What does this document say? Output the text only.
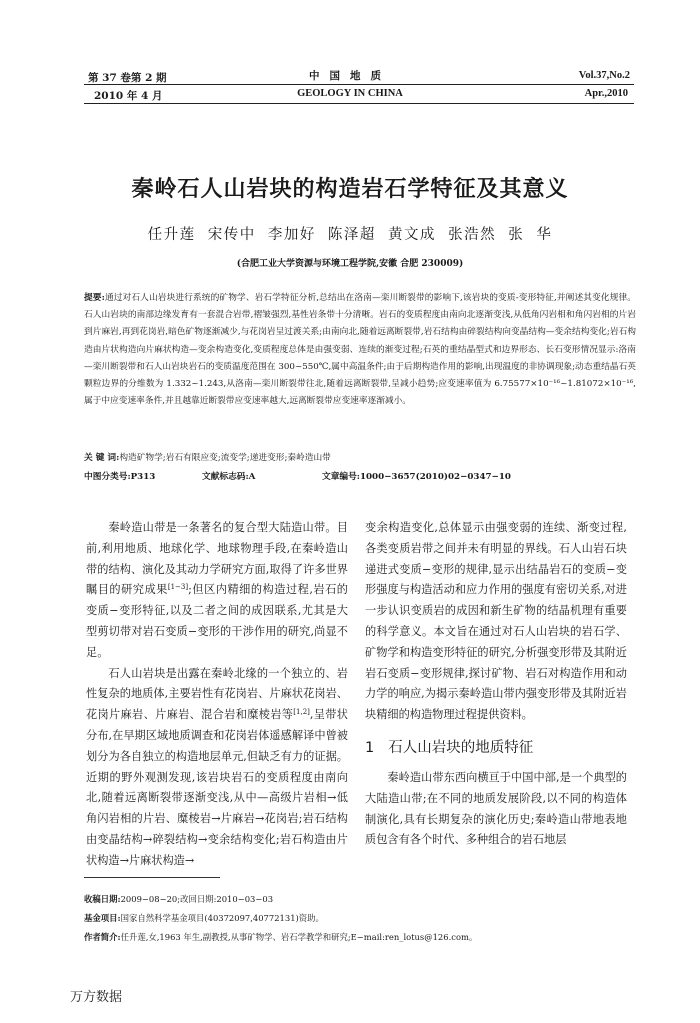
第 37 卷第 2 期
2010 年 4 月
中国地质
GEOLOGY IN CHINA
Vol.37,No.2
Apr.,2010
秦岭石人山岩块的构造岩石学特征及其意义
任升莲 宋传中 李加好 陈泽超 黄文成 张浩然 张 华
(合肥工业大学资源与环境工程学院,安徽 合肥 230009)
提要:通过对石人山岩块进行系统的矿物学、岩石学特征分析,总结出在洛南—栾川断裂带的影响下,该岩块的变质-变形特征,并阐述其变化规律。石人山岩块的南部边缘发育有一套混合岩带,褶皱强烈,基性岩条带十分清晰。岩石的变质程度由南向北逐渐变浅,从低角闪岩相和角闪岩相的片岩到片麻岩,再到花岗岩,暗色矿物逐渐减少,与花岗岩呈过渡关系;由南向北,随着远离断裂带,岩石结构由碎裂结构向变晶结构—变余结构变化;岩石构造由片状构造向片麻状构造—变余构造变化,变质程度总体是由强变弱、连续的渐变过程;石英的重结晶型式和边界形态、长石变形情况显示:洛南—栾川断裂带和石人山岩块岩石的变质温度范围在 300~550℃,属中高温条件;由于后期构造作用的影响,出现温度的非协调现象;动态重结晶石英颗粒边界的分维数为 1.332~1.243,从洛南—栾川断裂带往北,随着远离断裂带,呈减小趋势;应变速率值为 6.75577×10⁻¹⁶~1.81072×10⁻¹⁶,属于中应变速率条件,并且越靠近断裂带应变速率越大,远离断裂带应变速率逐渐减小。
关 键 词:构造矿物学;岩石有限应变;流变学;递进变形;秦岭造山带
中图分类号:P313	文献标志码:A	文章编号:1000−3657(2010)02−0347−10

秦岭造山带是一条著名的复合型大陆造山带。目前,利用地质、地球化学、地球物理手段,在秦岭造山带的结构、演化及其动力学研究方面,取得了许多世界瞩目的研究成果[1−3];但区内精细的构造过程,岩石的变质−变形特征,以及二者之间的成因联系,尤其是大型剪切带对岩石变质−变形的干涉作用的研究,尚显不足。

石人山岩块是出露在秦岭北缘的一个独立的、岩性复杂的地质体,主要岩性有花岗岩、片麻状花岗岩、花岗片麻岩、片麻岩、混合岩和糜棱岩等[1,2],呈带状分布,在早期区域地质调查和花岗岩体遥感解译中曾被划分为各自独立的构造地层单元,但缺乏有力的证据。近期的野外观测发现,该岩块岩石的变质程度由南向北,随着远离断裂带逐渐变浅,从中—高级片岩相→低角闪岩相的片岩、糜棱岩→片麻岩→花岗岩;岩石结构由变晶结构→碎裂结构→变余结构变化;岩石构造由片状构造→片麻状构造→

变余构造变化,总体显示由强变弱的连续、渐变过程,各类变质岩带之间并未有明显的界线。石人山岩石块递进式变质−变形的规律,显示出结晶岩石的变质−变形强度与构造活动和应力作用的强度有密切关系,对进一步认识变质岩的成因和新生矿物的结晶机理有重要的科学意义。本文旨在通过对石人山岩块的岩石学、矿物学和构造变形特征的研究,分析强变形带及其附近岩石变质−变形规律,探讨矿物、岩石对构造作用和动力学的响应,为揭示秦岭造山带内强变形带及其附近岩块精细的构造物理过程提供资料。

1 石人山岩块的地质特征

秦岭造山带东西向横亘于中国中部,是一个典型的大陆造山带;在不同的地质发展阶段,以不同的构造体制演化,具有长期复杂的演化历史;秦岭造山带地表地质包含有各个时代、多种组合的岩石地层

收稿日期:2009−08−20;改回日期:2010−03−03
基金项目:国家自然科学基金项目(40372097,40772131)资助。
作者简介:任升莲,女,1963 年生,副教授,从事矿物学、岩石学教学和研究;E−mail:ren_lotus@126.com。
万方数据
